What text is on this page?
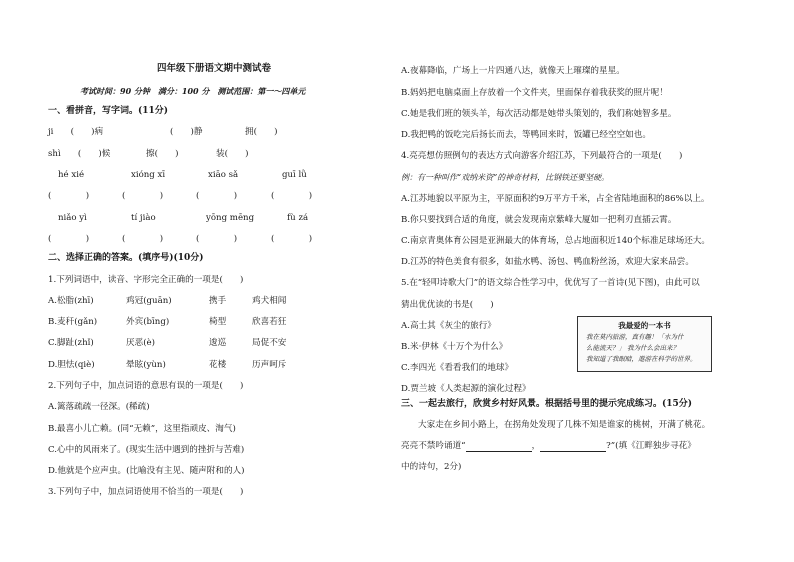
四年级下册语文期中测试卷
考试时间：90 分钟　满分：100 分　测试范围：第一～四单元
一、看拼音，写字词。(11分)
ji　　(　　)病	(　　)静	拥(　　)
shì　　(　　)候	擦(　　)	装(　　)
hé xié	xióng xī	xiāo sǎ	guī lǜ
(　　　　)	(　　　　)	(　　　　)	(　　　　)
niǎo yì	tí jiào	yōng mēng	fù zá
(　　　　)	(　　　　)	(　　　　)	(　　　　)
二、选择正确的答案。(填序号)(10分)
1.下列词语中，读音、字形完全正确的一项是(　　)
A.松脂(zhī)	鸡冠(guān)	携手	鸡犬相闻
B.麦秆(gǎn)	外宾(bīng)	椅型	欣喜若狂
C.脚趾(zhǐ)	厌恶(è)	逡巡	局促不安
D.胆怯(qiè)	晕眩(yùn)	花楼	历声呵斥
2.下列句子中，加点词语的意思有误的一项是(　　)
A.篱落疏疏一径深。(稀疏)
B.最喜小儿亡赖。(同“无赖”，这里指顽皮、淘气)
C.心中的风雨来了。(现实生活中遇到的挫折与苦难)
D.他就是个应声虫。(比喻没有主见、随声附和的人)
3.下列句子中，加点词语使用不恰当的一项是(　　)
A.夜幕降临，广场上一片四通八达，就像天上璀璨的星星。
B.妈妈把电脑桌面上存放着一个文件夹，里面保存着我获奖的照片呢！
C.她是我们班的领头羊，每次活动都是她带头策划的，我们称她智多星。
D.我把鸭的饭吃完后扬长而去，等鸭回来时，饭罐已经空空如也。
4.亮亮想仿照例句的表达方式向游客介绍江苏，下列最符合的一项是(　　)
例：有一种叫作“戏纳米资”的神奇材料，比钢铁还要坚硬。
A.江苏地貌以平原为主，平原面积约9万平方千米，占全省陆地面积的86%以上。
B.你只要找到合适的角度，就会发现南京紫峰大厦如一把利刃直插云霄。
C.南京青奥体育公园是亚洲最大的体育场，总占地面积近140个标准足球场还大。
D.江苏的特色美食有很多，如盐水鸭、汤包、鸭血粉丝汤，欢迎大家来品尝。
5.在“轻叩诗歌大门”的语文综合性学习中，优优写了一首诗(见下图)，由此可以
猜出优优读的书是(　　)
A.高士其《灰尘的旅行》
B.米·伊林《十万个为什么》
C.李四光《看看我们的地球》
D.贾兰坡《人类起源的演化过程》
我最爱的一本书
我在莫内旅游，真有趣！「水为什
么能流天？」 我为什么会出来？
我知道了我眼睛，遨游在科学的世界。
三、一起去旅行，欣赏乡村好风景。根据括号里的提示完成练习。(15分)
大家走在乡间小路上，在拐角处发现了几株不知是谁家的桃树，开满了桃花。
亮亮不禁吟诵道“	，	?”(填《江畔独步寻花》
中的诗句，2分)
